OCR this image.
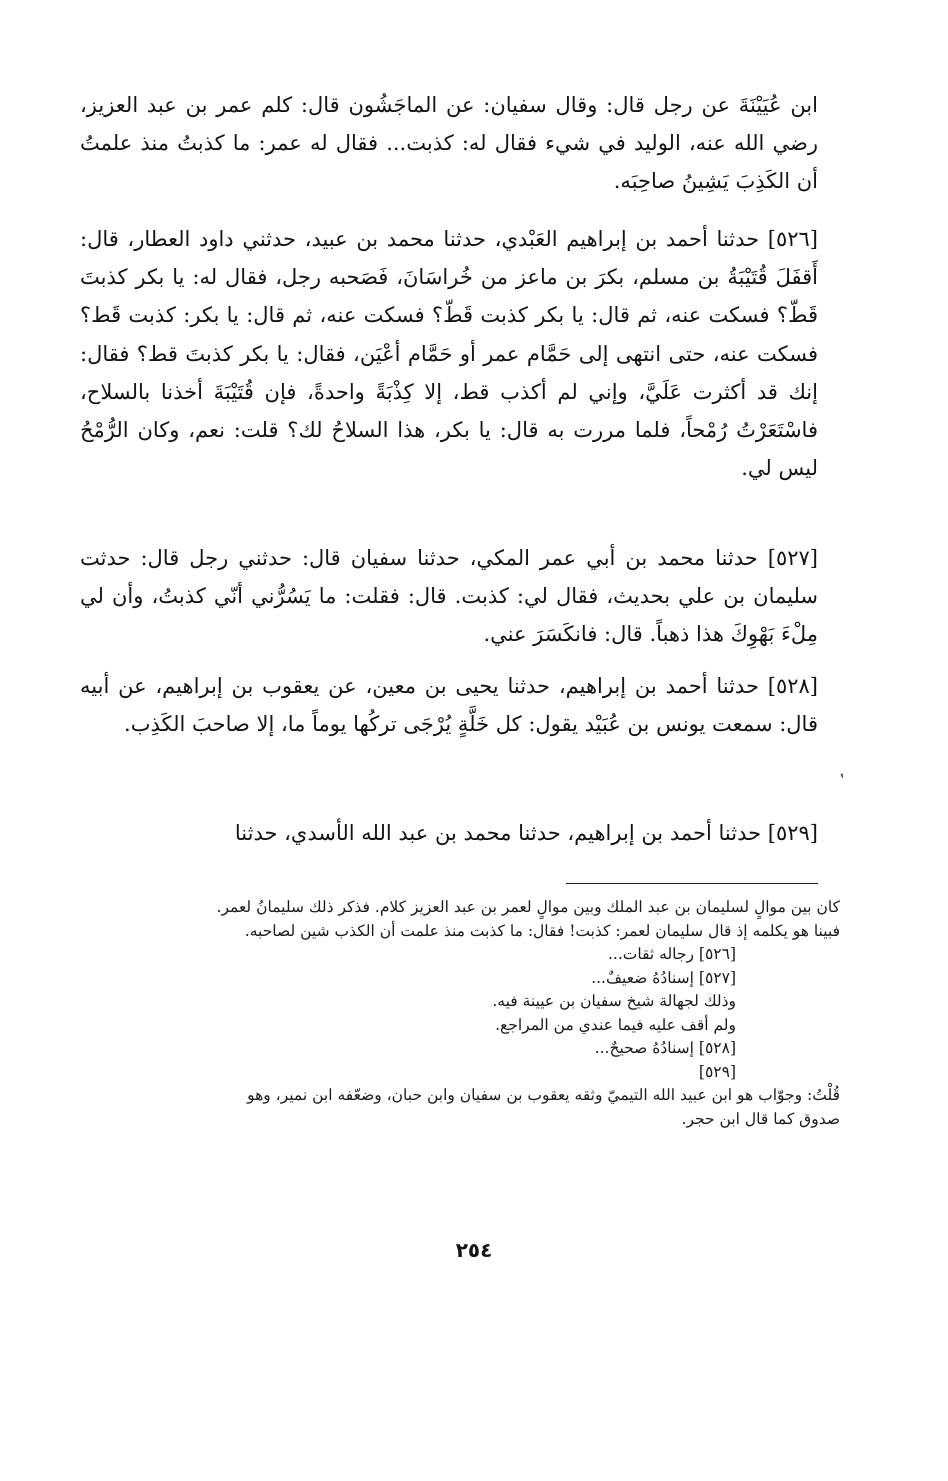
ابن عُيَيْنَةَ عن رجل قال: وقال سفيان: عن الماجَشُون قال: كلم عمر بن عبد العزيز، رضي الله عنه، الوليد في شيء فقال له: كذبت... فقال له عمر: ما كذبتُ منذ علمتُ أن الكَذِبَ يَشِينُ صاحِبَه.

[٥٢٦] حدثنا أحمد بن إبراهيم العَبْدي، حدثنا محمد بن عبيد، حدثني داود العطار، قال: أَقفَلَ قُتَيْبَةُ بن مسلم، بكرَ بن ماعز من خُراسَانَ، فَصَحبه رجل، فقال له: يا بكر كذبتَ قَطّ؟ فسكت عنه، ثم قال: يا بكر كذبت قَطّ؟ فسكت عنه، ثم قال: يا بكر: كذبت قَط؟ فسكت عنه، حتى انتهى إلى حَمَّام عمر أو حَمَّام أعْيَن، فقال: يا بكر كذبتَ قط؟ فقال: إنك قد أكثرت عَلَيَّ، وإني لم أكذب قط، إلا كِذْبَةً واحدةً، فإن قُتَيْبَةَ أخذنا بالسلاح، فاسْتَعَرْتُ رُمْحاً، فلما مررت به قال: يا بكر، هذا السلاحُ لك؟ قلت: نعم، وكان الرُّمْحُ ليس لي.

[٥٢٧] حدثنا محمد بن أبي عمر المكي، حدثنا سفيان قال: حدثني رجل قال: حدثت سليمان بن علي بحديث، فقال لي: كذبت. قال: فقلت: ما يَسُرُّني أنّي كذبتُ، وأن لي مِلْءَ بَهْوِكَ هذا ذهباً. قال: فانكَسَرَ عني.

[٥٢٨] حدثنا أحمد بن إبراهيم، حدثنا يحيى بن معين، عن يعقوب بن إبراهيم، عن أبيه قال: سمعت يونس بن عُبَيْد يقول: كل خَلَّةٍ يُرْجَى تركُها يوماً ما، إلا صاحبَ الكَذِب.

٬

[٥٢٩] حدثنا أحمد بن إبراهيم، حدثنا محمد بن عبد الله الأسدي، حدثنا

كان بين موالٍ لسليمان بن عبد الملك وبين موالٍ لعمر بن عبد العزيز كلام. فذكر ذلك سليمانُ لعمر.
فبينا هو يكلمه إذ قال سليمان لعمر: كذبت! فقال: ما كذبت منذ علمت أن الكذب شين لصاحبه.
[٥٢٦] رجاله ثقات...
[٥٢٧] إسنادُهُ ضعيفٌ...
وذلك لجهالة شيخ سفيان بن عيينة فيه.
ولم أقف عليه فيما عندي من المراجع.
[٥٢٨] إسنادُهُ صحيحٌ...
[٥٢٩]
قُلْتُ: وجوّاب هو ابن عبيد الله التيميّ وثقه يعقوب بن سفيان وابن حبان، وضعّفه ابن نمير، وهو
صدوق كما قال ابن حجر.
٢٥٤
